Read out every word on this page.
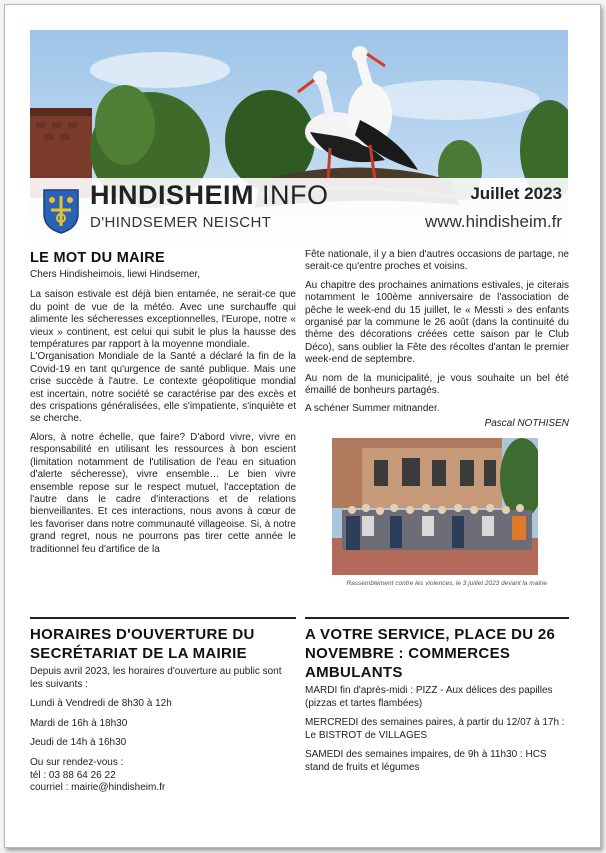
HINDISHEIM INFO
D'HINDSEMER NEISCHT
Juillet 2023
www.hindisheim.fr
LE MOT DU MAIRE

Chers Hindisheimois, liewi Hindsemer,

La saison estivale est déjà bien entamée, ne serait-ce que du point de vue de la météo. Avec une surchauffe qui alimente les sécheresses exceptionnelles, l'Europe, notre « vieux » continent, est celui qui subit le plus la hausse des températures par rapport à la moyenne mondiale.

L'Organisation Mondiale de la Santé a déclaré la fin de la Covid-19 en tant qu'urgence de santé publique. Mais une crise succède à l'autre. Le contexte géopolitique mondial est incertain, notre société se caractérise par des excès et des crispations généralisées, elle s'impatiente, s'inquiète et se cherche.

Alors, à notre échelle, que faire? D'abord vivre, vivre en responsabilité en utilisant les ressources à bon escient (limitation notamment de l'utilisation de l'eau en situation d'alerte sécheresse), vivre ensemble… Le bien vivre ensemble repose sur le respect mutuel, l'acceptation de l'autre dans le cadre d'interactions et de relations bienveillantes. Et ces interactions, nous avons à cœur de les favoriser dans notre communauté villageoise. Si, à notre grand regret, nous ne pourrons pas tirer cette année le traditionnel feu d'artifice de la

Fête nationale, il y a bien d'autres occasions de partage, ne serait-ce qu'entre proches et voisins.

Au chapitre des prochaines animations estivales, je citerais notamment le 100ème anniversaire de l'association de pêche le week-end du 15 juillet, le « Messti » des enfants organisé par la commune le 26 août (dans la continuité du thème des décorations créées cette saison par le Club Déco), sans oublier la Fête des récoltes d'antan le premier week-end de septembre.

Au nom de la municipalité, je vous souhaite un bel été émaillé de bonheurs partagés.

A schéner Summer mitnander.

Pascal NOTHISEN
Rassemblement contre les violences, le 3 juillet 2023 devant la mairie
HORAIRES D'OUVERTURE DU SECRÉTARIAT DE LA MAIRIE

Depuis avril 2023, les horaires d'ouverture au public sont les suivants :

Lundi à Vendredi de 8h30 à 12h

Mardi de 16h à 18h30

Jeudi de 14h à 16h30

Ou sur rendez-vous :

tél : 03 88 64 26 22

courriel : mairie@hindisheim.fr

A VOTRE SERVICE, PLACE DU 26 NOVEMBRE : COMMERCES AMBULANTS

MARDI fin d'après-midi : PIZZ - Aux délices des papilles (pizzas et tartes flambées)

MERCREDI des semaines paires, à partir du 12/07 à 17h : Le BISTROT de VILLAGES

SAMEDI des semaines impaires, de 9h à 11h30 : HCS stand de fruits et légumes
